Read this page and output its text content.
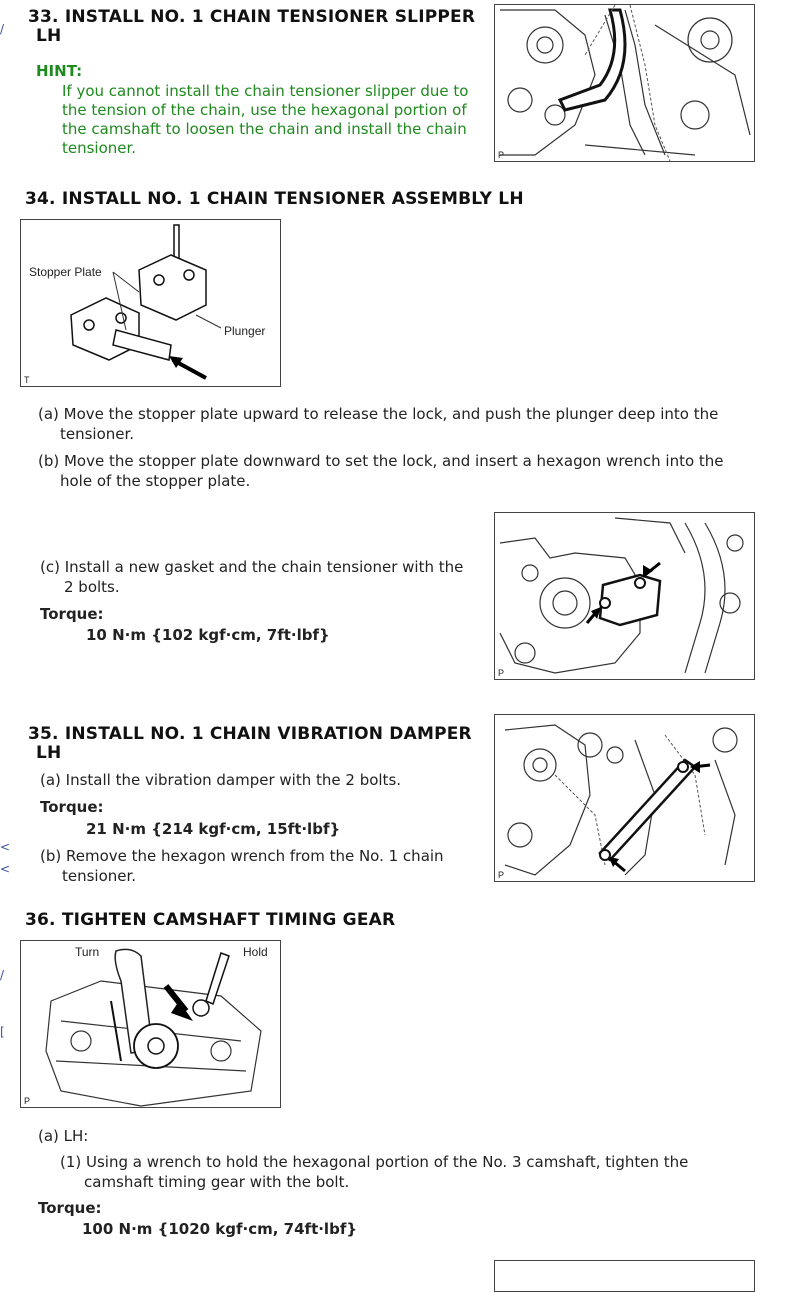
/
<
<
/
[
33. INSTALL NO. 1 CHAIN TENSIONER SLIPPER
LH
HINT:
If you cannot install the chain tensioner slipper due to
the tension of the chain, use the hexagonal portion of
the camshaft to loosen the chain and install the chain
tensioner.	P
34. INSTALL NO. 1 CHAIN TENSIONER ASSEMBLY LH
Stopper Plate
Plunger
T
(a) Move the stopper plate upward to release the lock, and push the plunger deep into the
tensioner.
(b) Move the stopper plate downward to set the lock, and insert a hexagon wrench into the
hole of the stopper plate.
(c) Install a new gasket and the chain tensioner with the
2 bolts.
Torque:
10 N·m {102 kgf·cm, 7ft·lbf}
P
35. INSTALL NO. 1 CHAIN VIBRATION DAMPER
LH
(a) Install the vibration damper with the 2 bolts.
Torque:
21 N·m {214 kgf·cm, 15ft·lbf}
(b) Remove the hexagon wrench from the No. 1 chain
tensioner.	P
36. TIGHTEN CAMSHAFT TIMING GEAR
Turn	Hold
P
(a) LH:
(1) Using a wrench to hold the hexagonal portion of the No. 3 camshaft, tighten the
camshaft timing gear with the bolt.
Torque:
100 N·m {1020 kgf·cm, 74ft·lbf}
